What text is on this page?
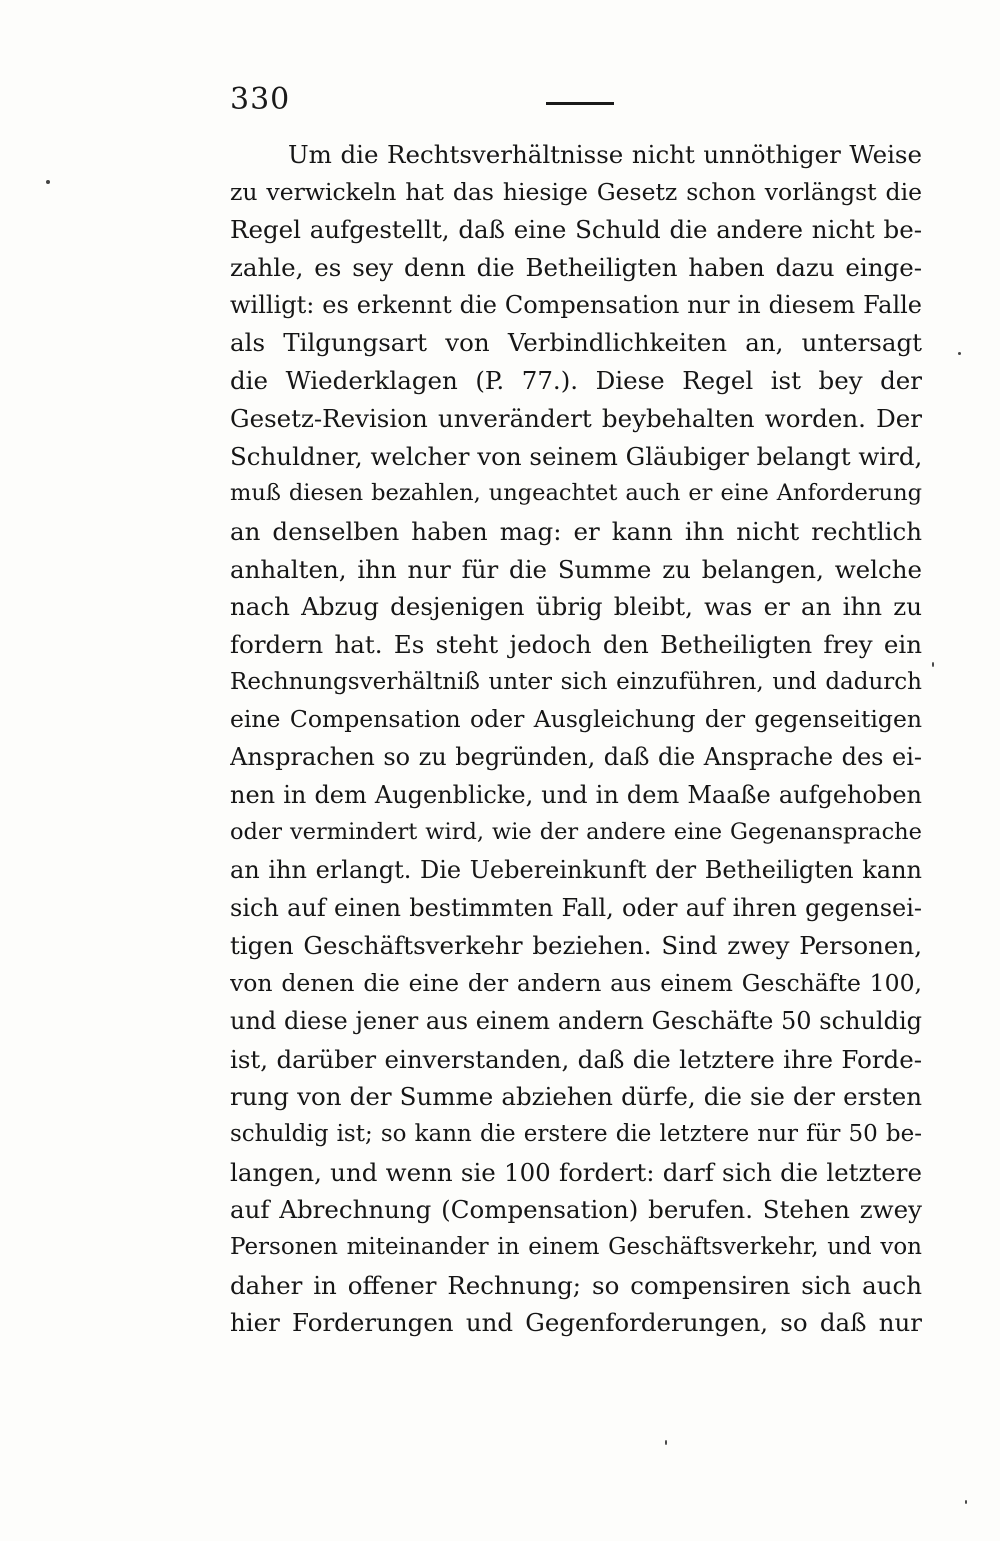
330
Um die Rechtsverhältnisse nicht unnöthiger Weise
zu verwickeln hat das hiesige Gesetz schon vorlängst die
Regel aufgestellt, daß eine Schuld die andere nicht be-
zahle, es sey denn die Betheiligten haben dazu einge-
willigt: es erkennt die Compensation nur in diesem Falle
als Tilgungsart von Verbindlichkeiten an, untersagt
die Wiederklagen (P. 77.). Diese Regel ist bey der
Gesetz-Revision unverändert beybehalten worden. Der
Schuldner, welcher von seinem Gläubiger belangt wird,
muß diesen bezahlen, ungeachtet auch er eine Anforderung
an denselben haben mag: er kann ihn nicht rechtlich
anhalten, ihn nur für die Summe zu belangen, welche
nach Abzug desjenigen übrig bleibt, was er an ihn zu
fordern hat. Es steht jedoch den Betheiligten frey ein
Rechnungsverhältniß unter sich einzuführen, und dadurch
eine Compensation oder Ausgleichung der gegenseitigen
Ansprachen so zu begründen, daß die Ansprache des ei-
nen in dem Augenblicke, und in dem Maaße aufgehoben
oder vermindert wird, wie der andere eine Gegenansprache
an ihn erlangt. Die Uebereinkunft der Betheiligten kann
sich auf einen bestimmten Fall, oder auf ihren gegensei-
tigen Geschäftsverkehr beziehen. Sind zwey Personen,
von denen die eine der andern aus einem Geschäfte 100,
und diese jener aus einem andern Geschäfte 50 schuldig
ist, darüber einverstanden, daß die letztere ihre Forde-
rung von der Summe abziehen dürfe, die sie der ersten
schuldig ist; so kann die erstere die letztere nur für 50 be-
langen, und wenn sie 100 fordert: darf sich die letztere
auf Abrechnung (Compensation) berufen. Stehen zwey
Personen miteinander in einem Geschäftsverkehr, und von
daher in offener Rechnung; so compensiren sich auch
hier Forderungen und Gegenforderungen, so daß nur
